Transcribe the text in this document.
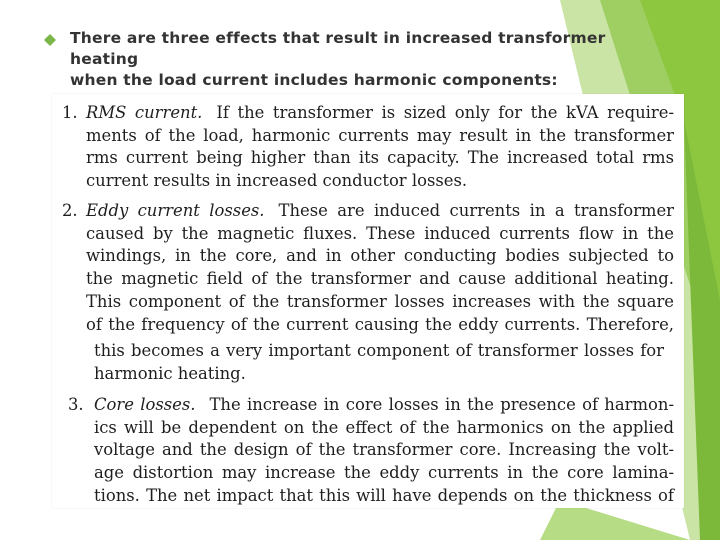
There are three effects that result in increased transformer heating
when the load current includes harmonic components:
1. RMS current. If the transformer is sized only for the kVA require-
ments of the load, harmonic currents may result in the transformer
rms current being higher than its capacity. The increased total rms
current results in increased conductor losses.
2. Eddy current losses. These are induced currents in a transformer
caused by the magnetic fluxes. These induced currents flow in the
windings, in the core, and in other conducting bodies subjected to
the magnetic field of the transformer and cause additional heating.
This component of the transformer losses increases with the square
of the frequency of the current causing the eddy currents. Therefore,
this becomes a very important component of transformer losses for
harmonic heating.
3. Core losses. The increase in core losses in the presence of harmon-
ics will be dependent on the effect of the harmonics on the applied
voltage and the design of the transformer core. Increasing the volt-
age distortion may increase the eddy currents in the core lamina-
tions. The net impact that this will have depends on the thickness of
